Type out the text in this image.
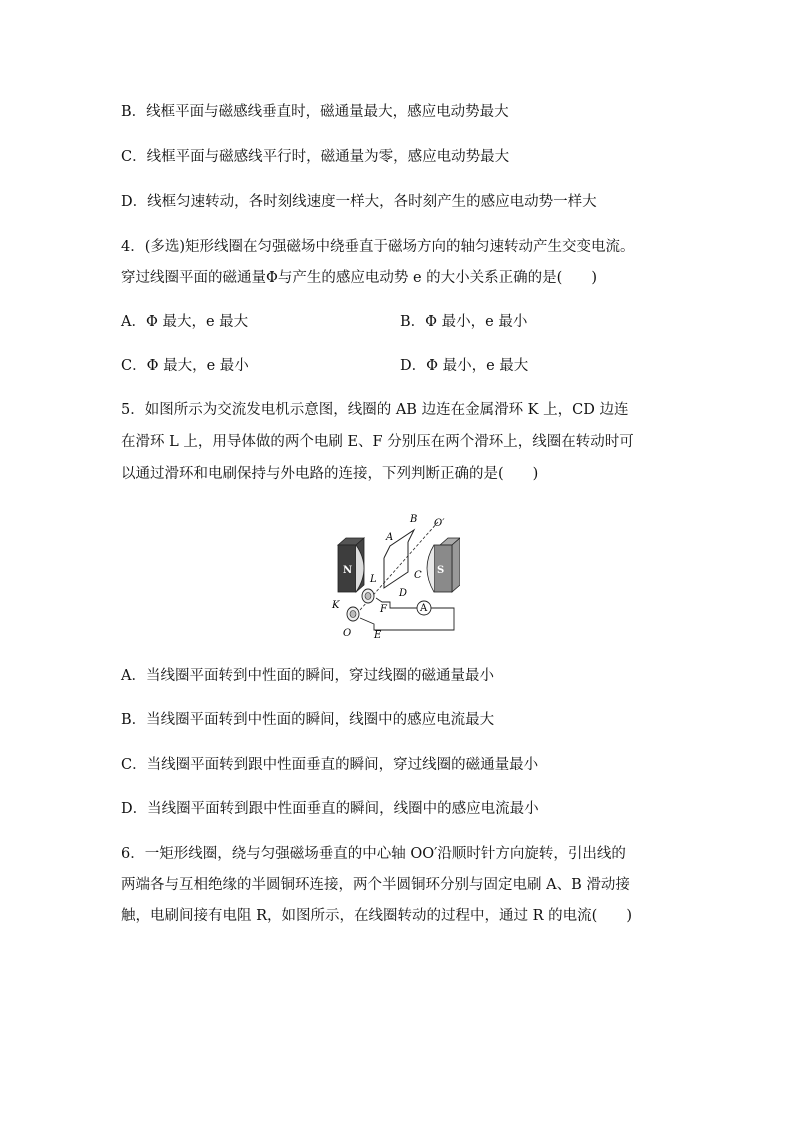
B．线框平面与磁感线垂直时，磁通量最大，感应电动势最大
C．线框平面与磁感线平行时，磁通量为零，感应电动势最大
D．线框匀速转动，各时刻线速度一样大，各时刻产生的感应电动势一样大
4．(多选)矩形线圈在匀强磁场中绕垂直于磁场方向的轴匀速转动产生交变电流。
穿过线圈平面的磁通量Φ与产生的感应电动势 e 的大小关系正确的是(　　)
A．Φ 最大，e 最大	B．Φ 最小，e 最小
C．Φ 最大，e 最小	D．Φ 最小，e 最大
5．如图所示为交流发电机示意图，线圈的 AB 边连在金属滑环 K 上，CD 边连
在滑环 L 上，用导体做的两个电刷 E、F 分别压在两个滑环上，线圈在转动时可
以通过滑环和电刷保持与外电路的连接，下列判断正确的是(　　)
N	S
A
B
C
D
E
F
K
L
O
O′
A
A．当线圈平面转到中性面的瞬间，穿过线圈的磁通量最小
B．当线圈平面转到中性面的瞬间，线圈中的感应电流最大
C．当线圈平面转到跟中性面垂直的瞬间，穿过线圈的磁通量最小
D．当线圈平面转到跟中性面垂直的瞬间，线圈中的感应电流最小
6．一矩形线圈，绕与匀强磁场垂直的中心轴 OO′沿顺时针方向旋转，引出线的
两端各与互相绝缘的半圆铜环连接，两个半圆铜环分别与固定电刷 A、B 滑动接
触，电刷间接有电阻 R，如图所示，在线圈转动的过程中，通过 R 的电流(　　)
